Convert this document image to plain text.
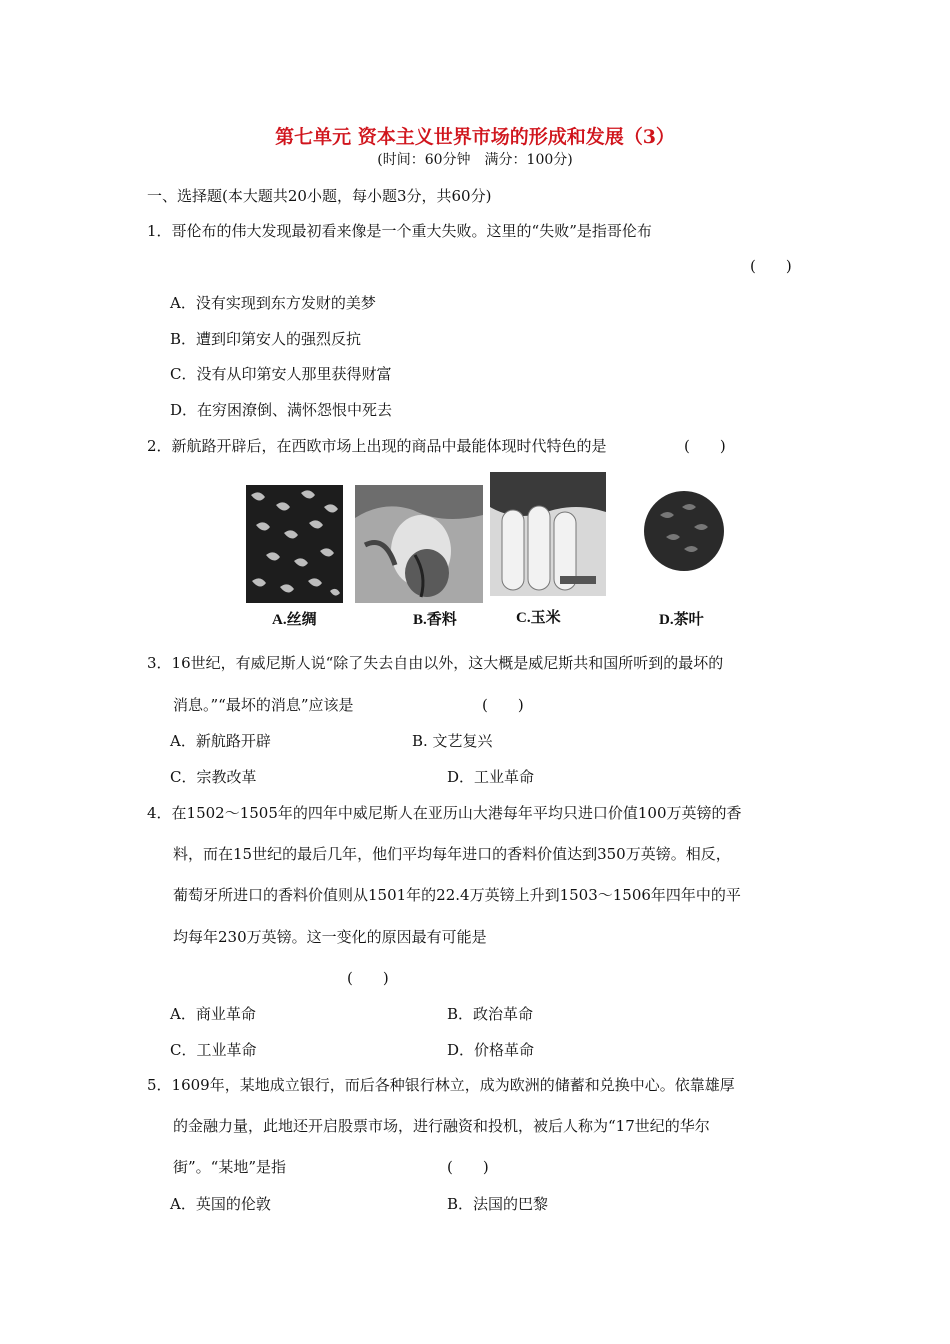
第七单元 资本主义世界市场的形成和发展（3）
(时间：60分钟　满分：100分)
一、选择题(本大题共20小题，每小题3分，共60分)
1．哥伦布的伟大发现最初看来像是一个重大失败。这里的“失败”是指哥伦布
(　　)
A．没有实现到东方发财的美梦
B．遭到印第安人的强烈反抗
C．没有从印第安人那里获得财富
D．在穷困潦倒、满怀怨恨中死去
2．新航路开辟后，在西欧市场上出现的商品中最能体现时代特色的是	(　　)
A.丝绸	B.香料	C.玉米	D.茶叶
3．16世纪，有威尼斯人说“除了失去自由以外，这大概是威尼斯共和国所听到的最坏的
消息。”“最坏的消息”应该是	(　　)
A．新航路开辟	B. 文艺复兴
C．宗教改革	D．工业革命
4．在1502～1505年的四年中威尼斯人在亚历山大港每年平均只进口价值100万英镑的香
料，而在15世纪的最后几年，他们平均每年进口的香料价值达到350万英镑。相反，
葡萄牙所进口的香料价值则从1501年的22.4万英镑上升到1503～1506年四年中的平
均每年230万英镑。这一变化的原因最有可能是
(　　)
A．商业革命	B．政治革命
C．工业革命	D．价格革命
5．1609年，某地成立银行，而后各种银行林立，成为欧洲的储蓄和兑换中心。依靠雄厚
的金融力量，此地还开启股票市场，进行融资和投机，被后人称为“17世纪的华尔
街”。“某地”是指	(　　)
A．英国的伦敦	B．法国的巴黎
